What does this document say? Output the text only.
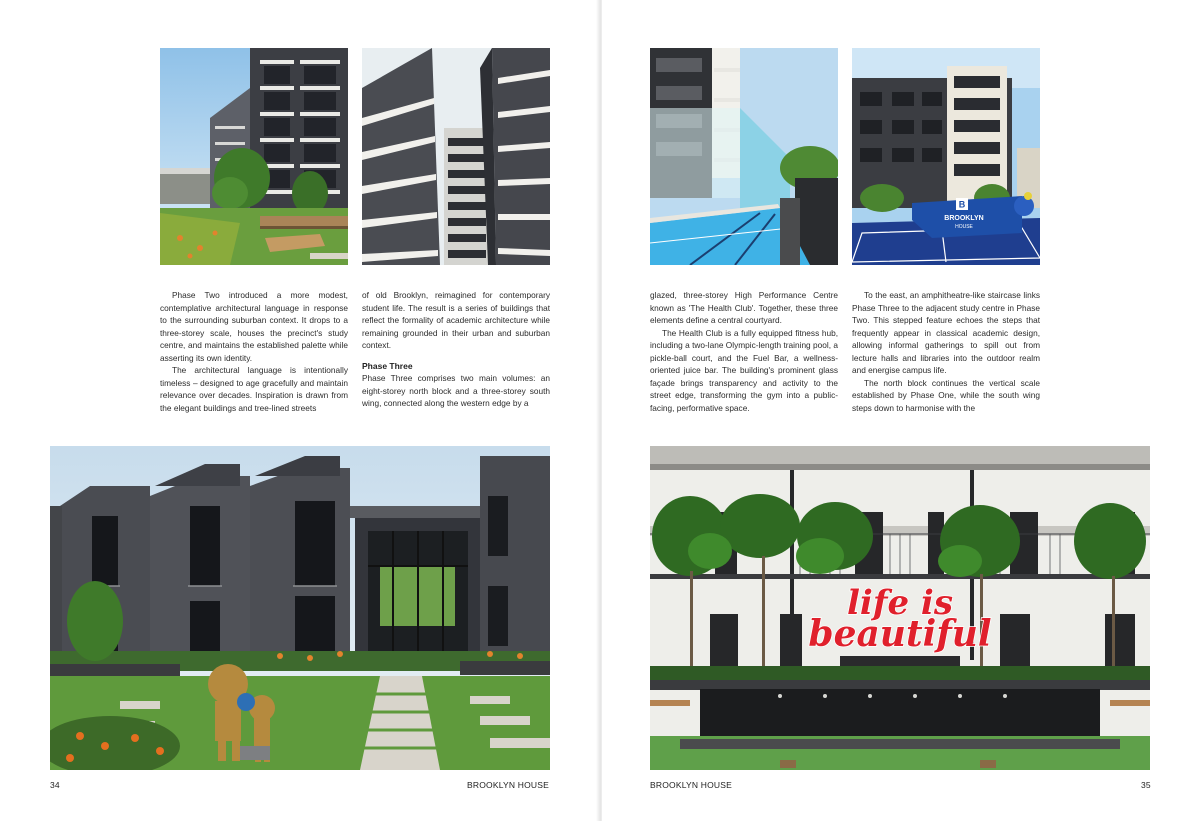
Phase Two introduced a more modest, contemplative architectural language in response to the surrounding suburban context. It drops to a three-storey scale, houses the precinct's study centre, and maintains the established palette while asserting its own identity.

The architectural language is intentionally timeless – designed to age gracefully and maintain relevance over decades. Inspiration is drawn from the elegant buildings and tree-lined streets

of old Brooklyn, reimagined for contemporary student life. The result is a series of buildings that reflect the formality of academic architecture while remaining grounded in their urban and suburban context.

Phase Three

Phase Three comprises two main volumes: an eight-storey north block and a three-storey south wing, connected along the western edge by a

34	BROOKLYN HOUSE
B
BROOKLYN
HOUSE

glazed, three-storey High Performance Centre known as 'The Health Club'. Together, these three elements define a central courtyard.

The Health Club is a fully equipped fitness hub, including a two-lane Olympic-length training pool, a pickle-ball court, and the Fuel Bar, a wellness-oriented juice bar. The building's prominent glass façade brings transparency and activity to the street edge, transforming the gym into a public-facing, performative space.

To the east, an amphitheatre-like staircase links Phase Three to the adjacent study centre in Phase Two. This stepped feature echoes the steps that frequently appear in classical academic design, allowing informal gatherings to spill out from lecture halls and libraries into the outdoor realm and energise campus life.

The north block continues the vertical scale established by Phase One, while the south wing steps down to harmonise with the

life is
beautiful
BROOKLYN HOUSE	35
